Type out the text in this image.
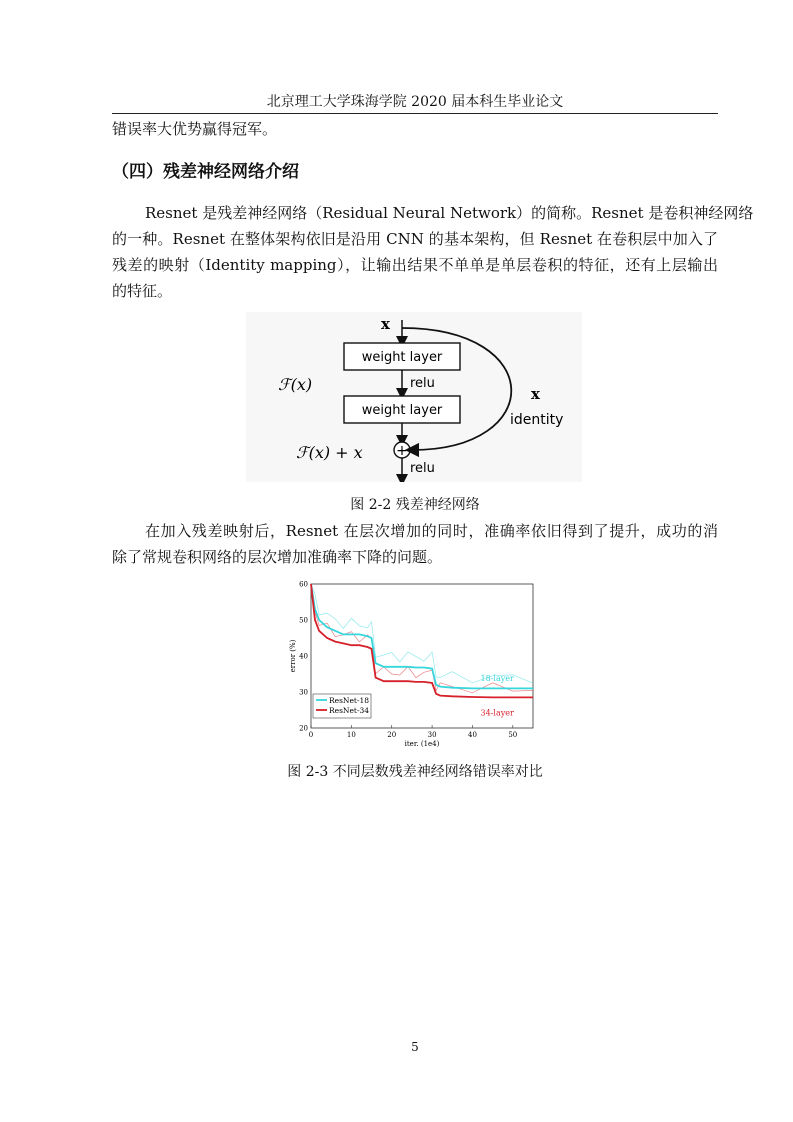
北京理工大学珠海学院 2020 届本科生毕业论文
错误率大优势赢得冠军。
（四）残差神经网络介绍
Resnet 是残差神经网络（Residual Neural Network）的简称。Resnet 是卷积神经网络
的一种。Resnet 在整体架构依旧是沿用 CNN 的基本架构，但 Resnet 在卷积层中加入了
残差的映射（Identity mapping），让输出结果不单单是单层卷积的特征，还有上层输出
的特征。
x
weight layer
relu
weight layer
+
relu
ℱ(x)
ℱ(x) + x
x
identity
图 2-2 残差神经网络
在加入残差映射后，Resnet 在层次增加的同时，准确率依旧得到了提升，成功的消
除了常规卷积网络的层次增加准确率下降的问题。
20
30
40
50
60
0	10	20	30	40	50
iter. (1e4)
error (%)
18-layer
34-layer
ResNet-18
ResNet-34
图 2-3 不同层数残差神经网络错误率对比
5
